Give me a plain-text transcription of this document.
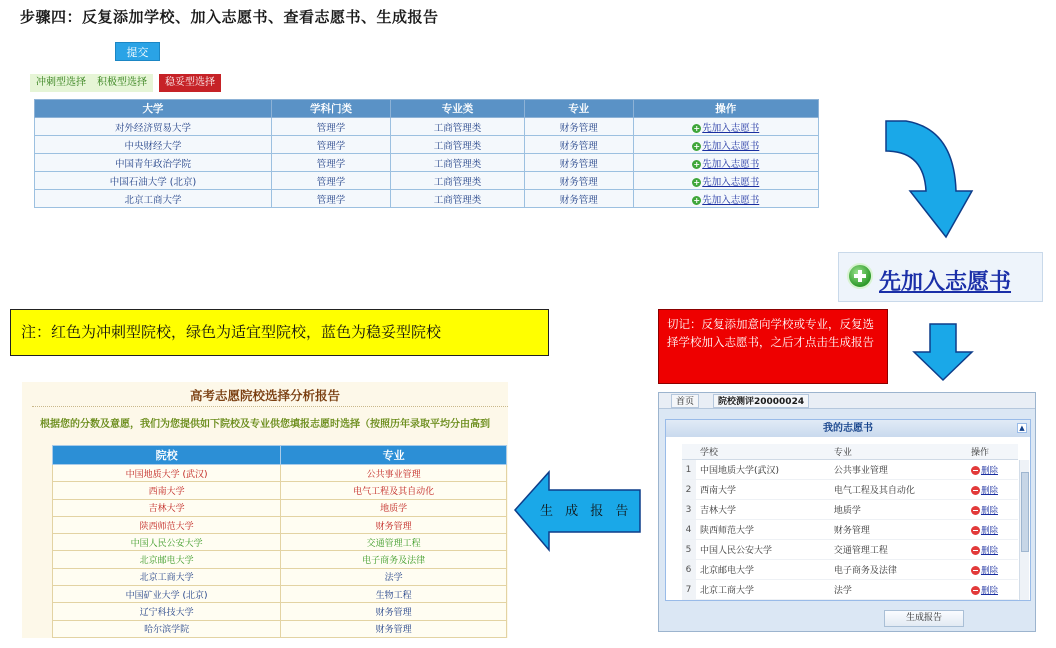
步骤四：反复添加学校、加入志愿书、查看志愿书、生成报告
提交
冲刺型选择	积极型选择	稳妥型选择
大学	学科门类	专业类	专业	操作
对外经济贸易大学	管理学	工商管理类	财务管理	+ 先加入志愿书
中央财经大学	管理学	工商管理类	财务管理	+ 先加入志愿书
中国青年政治学院	管理学	工商管理类	财务管理	+ 先加入志愿书
中国石油大学 (北京)	管理学	工商管理类	财务管理	+ 先加入志愿书
北京工商大学	管理学	工商管理类	财务管理	+ 先加入志愿书
先加入志愿书
注：红色为冲刺型院校，绿色为适宜型院校，蓝色为稳妥型院校	切记：反复添加意向学校或专业，反复选择学校加入志愿书，之后才点击生成报告
高考志愿院校选择分析报告
根据您的分数及意愿，我们为您提供如下院校及专业供您填报志愿时选择（按照历年录取平均分由高到
院校	专业
中国地质大学 (武汉)	公共事业管理
西南大学	电气工程及其自动化
吉林大学	地质学
陕西师范大学	财务管理
中国人民公安大学	交通管理工程
北京邮电大学	电子商务及法律
北京工商大学	法学
中国矿业大学 (北京)	生物工程
辽宁科技大学	财务管理
哈尔滨学院	财务管理
生 成 报 告
首页	院校测评20000024
我的志愿书	▲
	学校	专业	操作
1	中国地质大学(武汉)	公共事业管理	删除
2	西南大学	电气工程及其自动化	删除
3	吉林大学	地质学	删除
4	陕西师范大学	财务管理	删除
5	中国人民公安大学	交通管理工程	删除
6	北京邮电大学	电子商务及法律	删除
7	北京工商大学	法学	删除
生成报告
